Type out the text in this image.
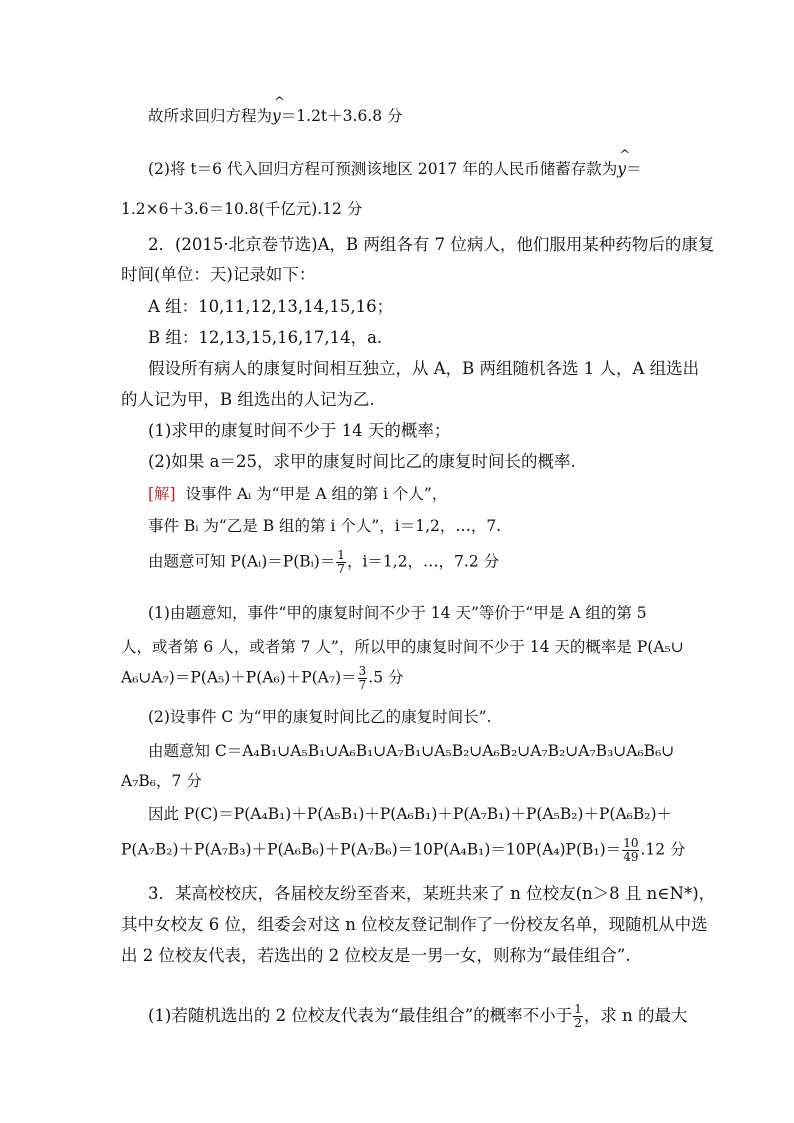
故所求回归方程为
^
y＝1.2t＋3.6.8 分
(2)将 t＝6 代入回归方程可预测该地区 2017 年的人民币储蓄存款为
^
y＝
1.2×6＋3.6＝10.8(千亿元).12 分
2．(2015·北京卷节选)A，B 两组各有 7 位病人，他们服用某种药物后的康复
时间(单位：天)记录如下：
A 组：10,11,12,13,14,15,16；
B 组：12,13,15,16,17,14，a.
假设所有病人的康复时间相互独立，从 A，B 两组随机各选 1 人，A 组选出
的人记为甲，B 组选出的人记为乙.
(1)求甲的康复时间不少于 14 天的概率；
(2)如果 a＝25，求甲的康复时间比乙的康复时间长的概率.
[解] 设事件 Aᵢ 为“甲是 A 组的第 i 个人”，
事件 Bᵢ 为“乙是 B 组的第 i 个人”，i＝1,2，…，7.
由题意可知 P(Aᵢ)＝P(Bᵢ)＝ $\frac{1}{7}$ ，i＝1,2，…，7.2 分
(1)由题意知，事件“甲的康复时间不少于 14 天”等价于“甲是 A 组的第 5
人，或者第 6 人，或者第 7 人”，所以甲的康复时间不少于 14 天的概率是 P(A₅∪
A₆∪A₇)＝P(A₅)＋P(A₆)＋P(A₇)＝ $\frac{3}{7} .5$ 分
(2)设事件 C 为“甲的康复时间比乙的康复时间长”.
由题意知 C＝A₄B₁∪A₅B₁∪A₆B₁∪A₇B₁∪A₅B₂∪A₆B₂∪A₇B₂∪A₇B₃∪A₆B₆∪
A₇B₆，7 分
因此 P(C)＝P(A₄B₁)＋P(A₅B₁)＋P(A₆B₁)＋P(A₇B₁)＋P(A₅B₂)＋P(A₆B₂)＋
$P(A_7B_2)+P(A_7B_3)+P(A_6B_6)+P(A_7B_6)=10P(A_4B_1)=10P(A_4)P(B_1)= \frac{10}{49} .12$ 分
3．某高校校庆，各届校友纷至沓来，某班共来了 n 位校友(n＞8 且 n∈N*)，
其中女校友 6 位，组委会对这 n 位校友登记制作了一份校友名单，现随机从中选
出 2 位校友代表，若选出的 2 位校友是一男一女，则称为“最佳组合”.
(1)若随机选出的 2 位校友代表为“最佳组合”的概率不小于 $\frac{1}{2}$ ，求 n 的最大
